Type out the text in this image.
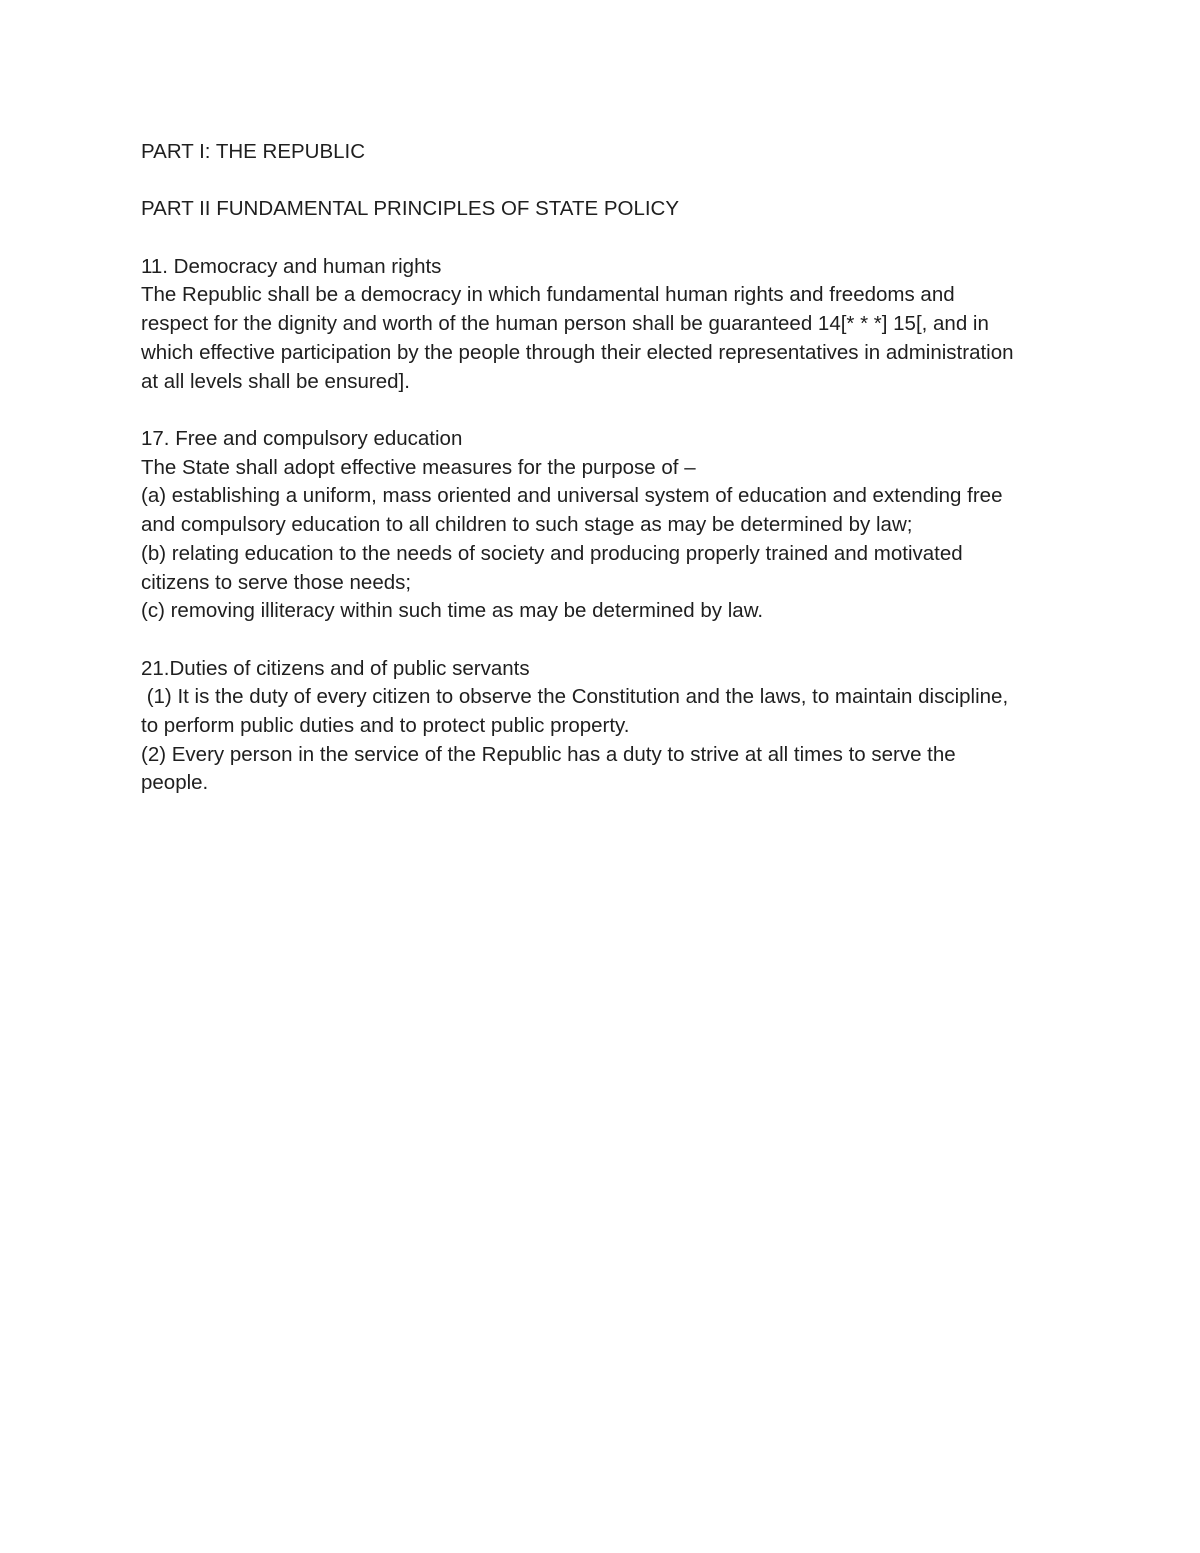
PART I: THE REPUBLIC
PART II FUNDAMENTAL PRINCIPLES OF STATE POLICY
11. Democracy and human rights
The Republic shall be a democracy in which fundamental human rights and freedoms and
respect for the dignity and worth of the human person shall be guaranteed 14[* * *] 15[, and in
which effective participation by the people through their elected representatives in administration
at all levels shall be ensured].
17. Free and compulsory education
The State shall adopt effective measures for the purpose of –
(a) establishing a uniform, mass oriented and universal system of education and extending free
and compulsory education to all children to such stage as may be determined by law;
(b) relating education to the needs of society and producing properly trained and motivated
citizens to serve those needs;
(c) removing illiteracy within such time as may be determined by law.
21.Duties of citizens and of public servants
(1) It is the duty of every citizen to observe the Constitution and the laws, to maintain discipline,
to perform public duties and to protect public property.
(2) Every person in the service of the Republic has a duty to strive at all times to serve the
people.
